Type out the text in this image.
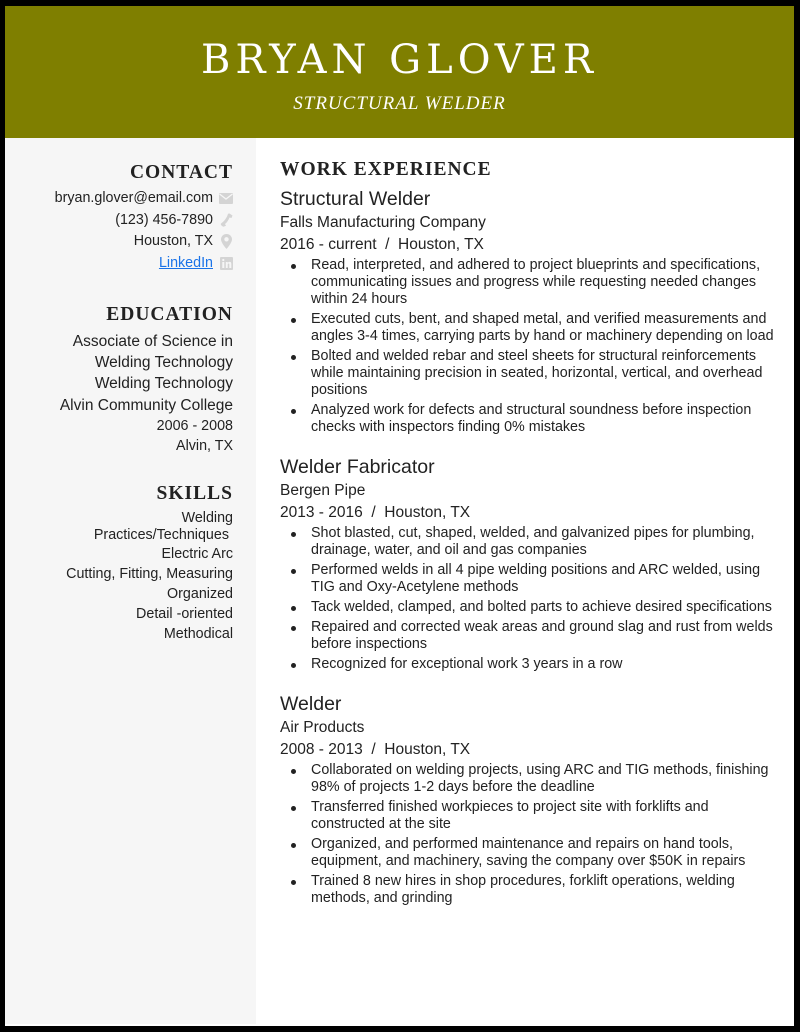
BRYAN GLOVER
STRUCTURAL WELDER
CONTACT
bryan.glover@email.com
(123) 456-7890
Houston, TX
LinkedIn
EDUCATION
Associate of Science in
Welding Technology
Welding Technology
Alvin Community College
2006 - 2008
Alvin, TX
SKILLS
Welding
Practices/Techniques
Electric Arc
Cutting, Fitting, Measuring
Organized
Detail -oriented
Methodical
WORK EXPERIENCE
Structural Welder
Falls Manufacturing Company
2016 - current  /  Houston, TX
Read, interpreted, and adhered to project blueprints and specifications, communicating issues and progress while requesting needed changes within 24 hours
Executed cuts, bent, and shaped metal, and verified measurements and angles 3-4 times, carrying parts by hand or machinery depending on load
Bolted and welded rebar and steel sheets for structural reinforcements while maintaining precision in seated, horizontal, vertical, and overhead positions
Analyzed work for defects and structural soundness before inspection checks with inspectors finding 0% mistakes
Welder Fabricator
Bergen Pipe
2013 - 2016  /  Houston, TX
Shot blasted, cut, shaped, welded, and galvanized pipes for plumbing, drainage, water, and oil and gas companies
Performed welds in all 4 pipe welding positions and ARC welded, using TIG and Oxy-Acetylene methods
Tack welded, clamped, and bolted parts to achieve desired specifications
Repaired and corrected weak areas and ground slag and rust from welds before inspections
Recognized for exceptional work 3 years in a row
Welder
Air Products
2008 - 2013  /  Houston, TX
Collaborated on welding projects, using ARC and TIG methods, finishing 98% of projects 1-2 days before the deadline
Transferred finished workpieces to project site with forklifts and constructed at the site
Organized, and performed maintenance and repairs on hand tools, equipment, and machinery, saving the company over $50K in repairs
Trained 8 new hires in shop procedures, forklift operations, welding methods, and grinding
